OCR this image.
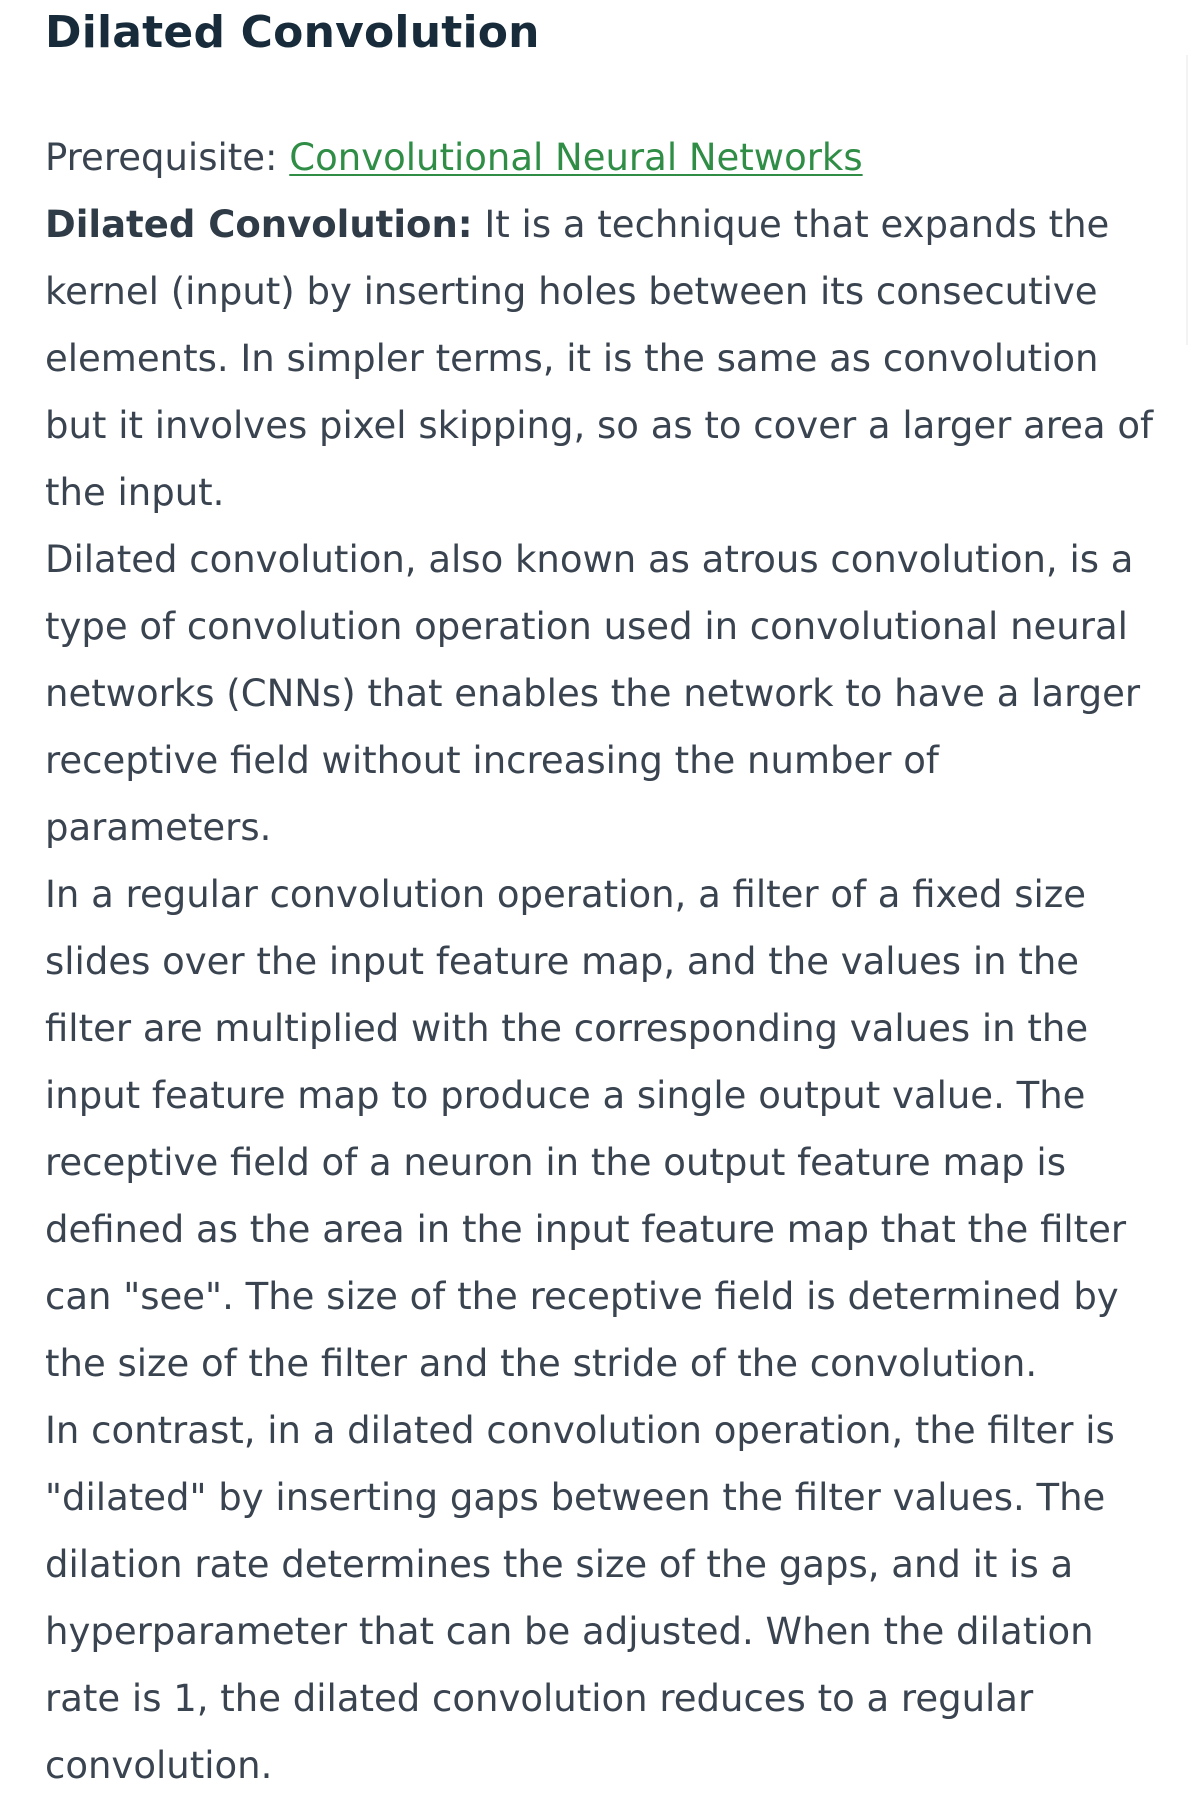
Dilated Convolution

Prerequisite: Convolutional Neural Networks

Dilated Convolution: It is a technique that expands the kernel (input) by inserting holes between its consecutive elements. In simpler terms, it is the same as convolution but it involves pixel skipping, so as to cover a larger area of the input.

Dilated convolution, also known as atrous convolution, is a type of convolution operation used in convolutional neural networks (CNNs) that enables the network to have a larger receptive field without increasing the number of parameters.

In a regular convolution operation, a filter of a fixed size slides over the input feature map, and the values in the filter are multiplied with the corresponding values in the input feature map to produce a single output value. The receptive field of a neuron in the output feature map is defined as the area in the input feature map that the filter can "see". The size of the receptive field is determined by the size of the filter and the stride of the convolution.

In contrast, in a dilated convolution operation, the filter is "dilated" by inserting gaps between the filter values. The dilation rate determines the size of the gaps, and it is a hyperparameter that can be adjusted. When the dilation rate is 1, the dilated convolution reduces to a regular convolution.
